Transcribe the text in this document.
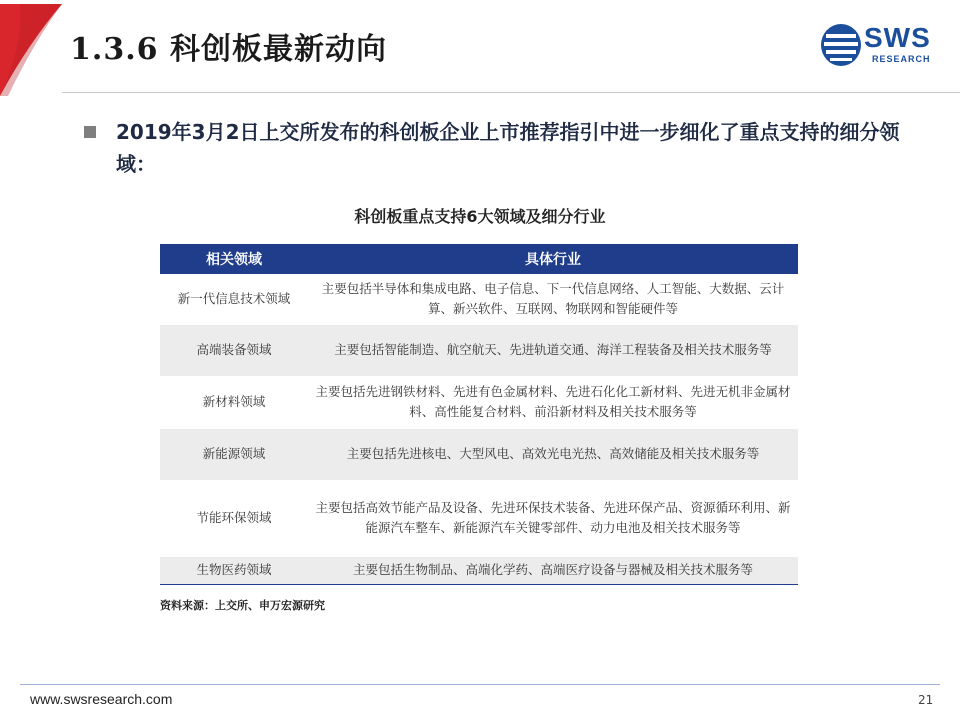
1.3.6 科创板最新动向	SWS
RESEARCH
2019年3月2日上交所发布的科创板企业上市推荐指引中进一步细化了重点支持的细分领域：
科创板重点支持6大领域及细分行业
相关领域	具体行业
新一代信息技术领域	主要包括半导体和集成电路、电子信息、下一代信息网络、人工智能、大数据、云计算、新兴软件、互联网、物联网和智能硬件等
高端装备领域	主要包括智能制造、航空航天、先进轨道交通、海洋工程装备及相关技术服务等
新材料领域	主要包括先进钢铁材料、先进有色金属材料、先进石化化工新材料、先进无机非金属材料、高性能复合材料、前沿新材料及相关技术服务等
新能源领域	主要包括先进核电、大型风电、高效光电光热、高效储能及相关技术服务等
节能环保领域	主要包括高效节能产品及设备、先进环保技术装备、先进环保产品、资源循环利用、新能源汽车整车、新能源汽车关键零部件、动力电池及相关技术服务等
生物医药领域	主要包括生物制品、高端化学药、高端医疗设备与器械及相关技术服务等
资料来源：上交所、申万宏源研究
www.swsresearch.com	21
